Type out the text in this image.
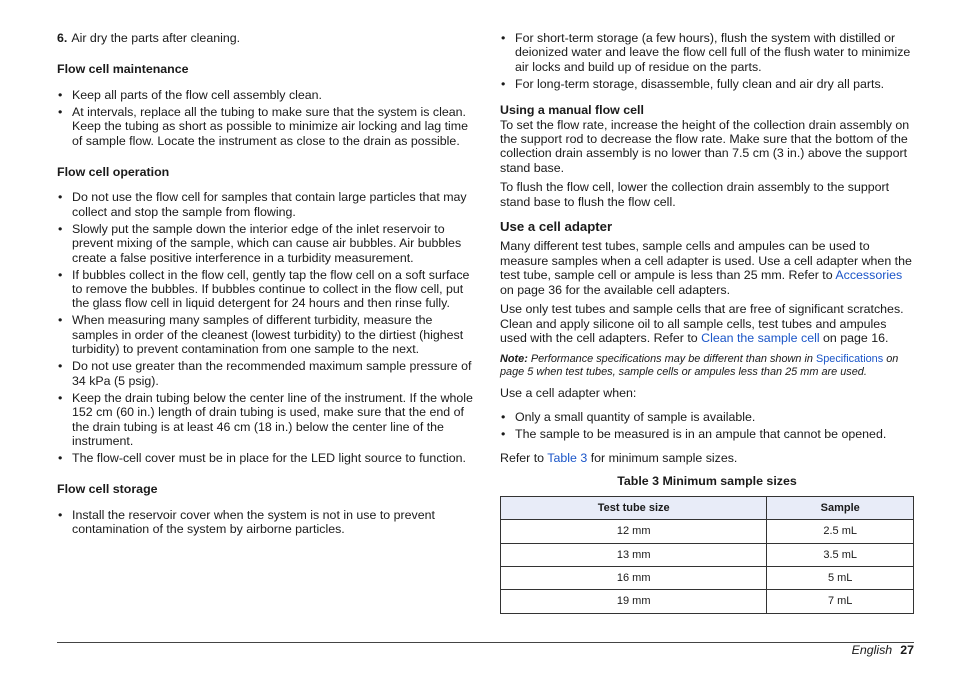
6. Air dry the parts after cleaning.

Flow cell maintenance
• Keep all parts of the flow cell assembly clean.
• At intervals, replace all the tubing to make sure that the system is clean. Keep the tubing as short as possible to minimize air locking and lag time of sample flow. Locate the instrument as close to the drain as possible.
Flow cell operation
• Do not use the flow cell for samples that contain large particles that may collect and stop the sample from flowing.
• Slowly put the sample down the interior edge of the inlet reservoir to prevent mixing of the sample, which can cause air bubbles. Air bubbles create a false positive interference in a turbidity measurement.
• If bubbles collect in the flow cell, gently tap the flow cell on a soft surface to remove the bubbles. If bubbles continue to collect in the flow cell, put the glass flow cell in liquid detergent for 24 hours and then rinse fully.
• When measuring many samples of different turbidity, measure the samples in order of the cleanest (lowest turbidity) to the dirtiest (highest turbidity) to prevent contamination from one sample to the next.
• Do not use greater than the recommended maximum sample pressure of 34 kPa (5 psig).
• Keep the drain tubing below the center line of the instrument. If the whole 152 cm (60 in.) length of drain tubing is used, make sure that the end of the drain tubing is at least 46 cm (18 in.) below the center line of the instrument.
• The flow-cell cover must be in place for the LED light source to function.
Flow cell storage
• Install the reservoir cover when the system is not in use to prevent contamination of the system by airborne particles.
• For short-term storage (a few hours), flush the system with distilled or deionized water and leave the flow cell full of the flush water to minimize air locks and build up of residue on the parts.
• For long-term storage, disassemble, fully clean and air dry all parts.
Using a manual flow cell

To set the flow rate, increase the height of the collection drain assembly on the support rod to decrease the flow rate. Make sure that the bottom of the collection drain assembly is no lower than 7.5 cm (3 in.) above the support stand base.

To flush the flow cell, lower the collection drain assembly to the support stand base to flush the flow cell.

Use a cell adapter

Many different test tubes, sample cells and ampules can be used to measure samples when a cell adapter is used. Use a cell adapter when the test tube, sample cell or ampule is less than 25 mm. Refer to Accessories on page 36 for the available cell adapters.

Use only test tubes and sample cells that are free of significant scratches. Clean and apply silicone oil to all sample cells, test tubes and ampules used with the cell adapters. Refer to Clean the sample cell on page 16.

Note: Performance specifications may be different than shown in Specifications on page 5 when test tubes, sample cells or ampules less than 25 mm are used.

Use a cell adapter when:

• Only a small quantity of sample is available.
• The sample to be measured is in an ampule that cannot be opened.

Refer to Table 3 for minimum sample sizes.

Table 3 Minimum sample sizes
Test tube size	Sample
12 mm	2.5 mL
13 mm	3.5 mL
16 mm	5 mL
19 mm	7 mL
English 27
